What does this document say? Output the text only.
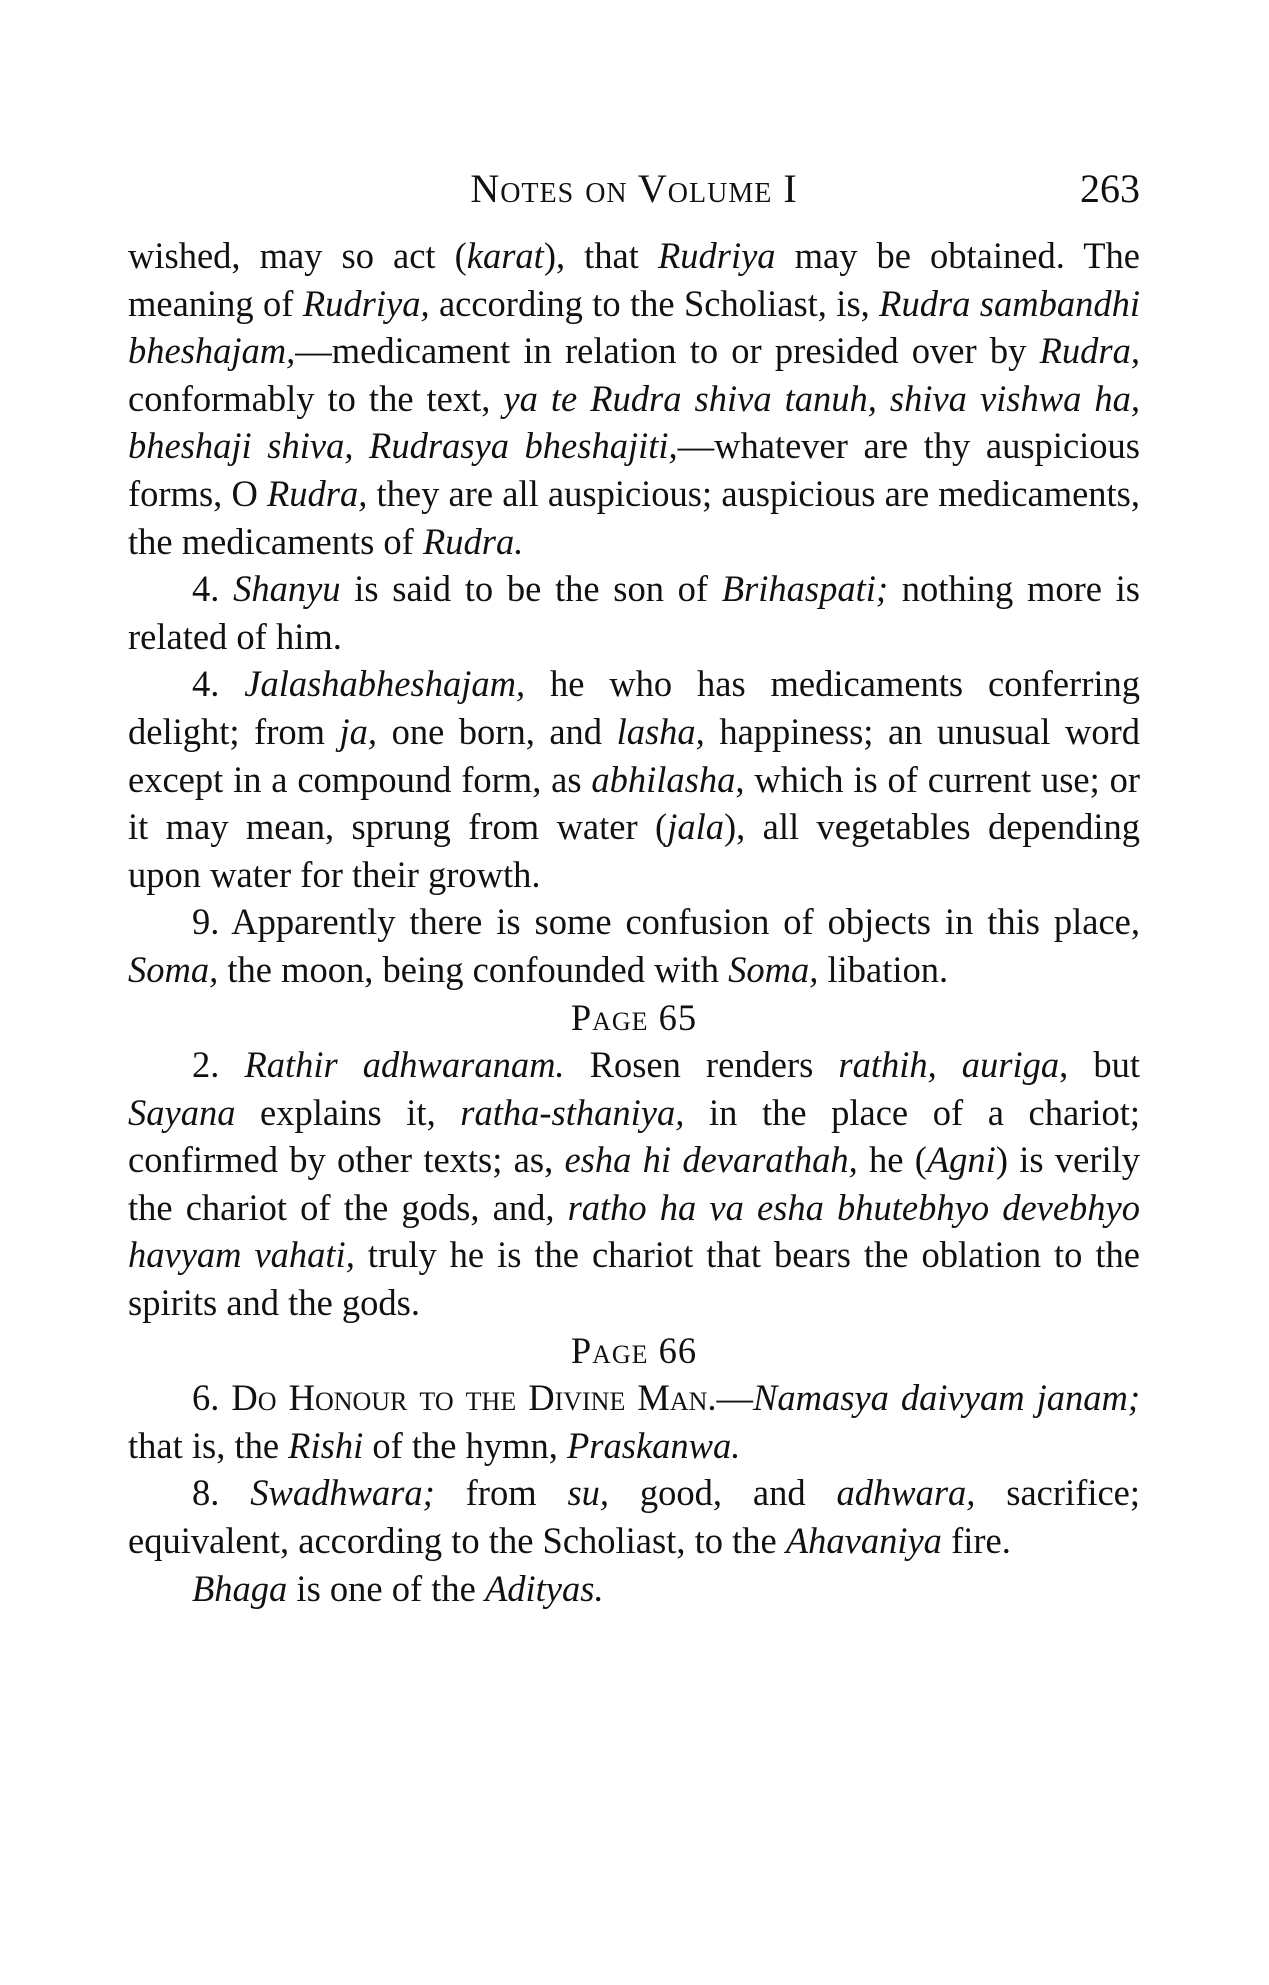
Notes on Volume I	263

wished, may so act (karat), that Rudriya may be obtained. The meaning of Rudriya, according to the Scholiast, is, Rudra sambandhi bheshajam,—medicament in relation to or presided over by Rudra, conformably to the text, ya te Rudra shiva tanuh, shiva vishwa ha, bheshaji shiva, Rudrasya bheshajiti,—whatever are thy auspicious forms, O Rudra, they are all auspicious; auspicious are medicaments, the medicaments of Rudra.

4. Shanyu is said to be the son of Brihaspati; nothing more is related of him.

4. Jalashabheshajam, he who has medicaments conferring delight; from ja, one born, and lasha, happiness; an unusual word except in a compound form, as abhilasha, which is of current use; or it may mean, sprung from water (jala), all vegetables depending upon water for their growth.

9. Apparently there is some confusion of objects in this place, Soma, the moon, being confounded with Soma, libation.

Page 65

2. Rathir adhwaranam. Rosen renders rathih, auriga, but Sayana explains it, ratha-sthaniya, in the place of a chariot; confirmed by other texts; as, esha hi devarathah, he (Agni) is verily the chariot of the gods, and, ratho ha va esha bhutebhyo devebhyo havyam vahati, truly he is the chariot that bears the oblation to the spirits and the gods.

Page 66

6. Do Honour to the Divine Man.—Namasya daivyam janam; that is, the Rishi of the hymn, Praskanwa.

8. Swadhwara; from su, good, and adhwara, sacrifice; equivalent, according to the Scholiast, to the Ahavaniya fire.

Bhaga is one of the Adityas.
